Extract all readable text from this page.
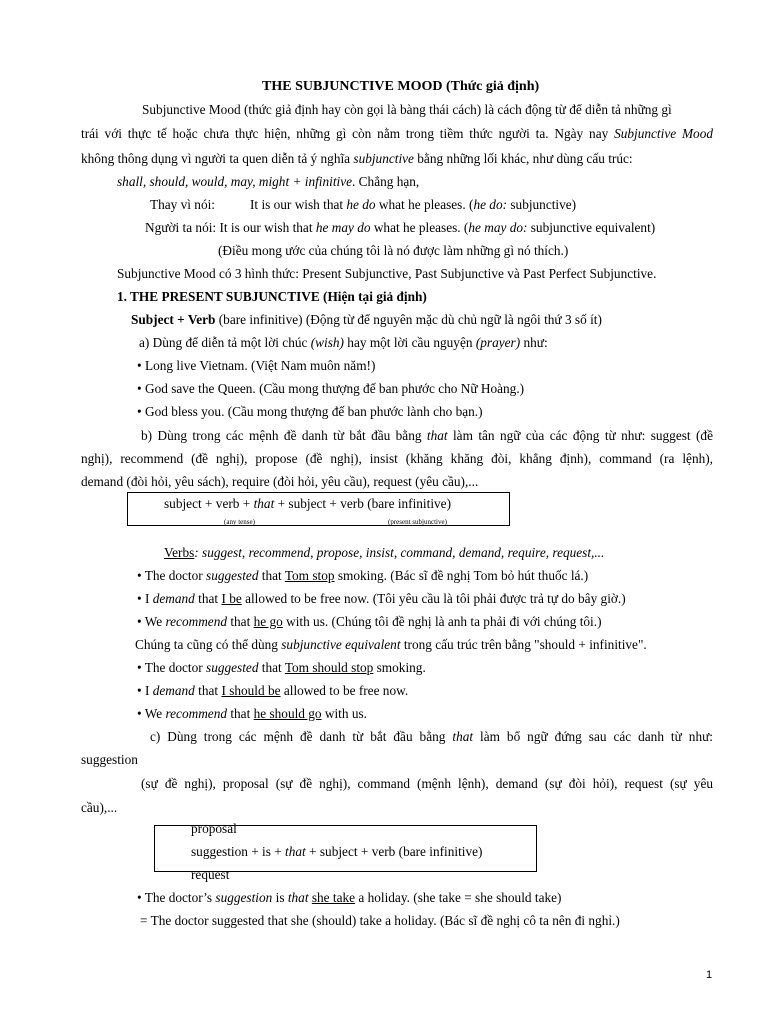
THE SUBJUNCTIVE MOOD (Thức giả định)
Subjunctive Mood (thức giả định hay còn gọi là bàng thái cách) là cách động từ để diễn tả những gì
trái với thực tế hoặc chưa thực hiện, những gì còn nằm trong tiềm thức người ta. Ngày nay Subjunctive Mood
không thông dụng vì người ta quen diễn tả ý nghĩa subjunctive bằng những lối khác, như dùng cấu trúc:
shall, should, would, may, might + infinitive. Chẳng hạn,
Thay vì nói:	It is our wish that he do what he pleases. (he do: subjunctive)
Người ta nói: It is our wish that he may do what he pleases. (he may do: subjunctive equivalent)
(Điều mong ước của chúng tôi là nó được làm những gì nó thích.)
Subjunctive Mood có 3 hình thức: Present Subjunctive, Past Subjunctive và Past Perfect Subjunctive.
1. THE PRESENT SUBJUNCTIVE (Hiện tại giả định)
Subject + Verb (bare infinitive) (Động từ để nguyên mặc dù chủ ngữ là ngôi thứ 3 số ít)
a) Dùng để diễn tả một lời chúc (wish) hay một lời cầu nguyện (prayer) như:
• Long live Vietnam. (Việt Nam muôn năm!)
• God save the Queen. (Cầu mong thượng đế ban phước cho Nữ Hoàng.)
• God bless you. (Cầu mong thượng đế ban phước lành cho bạn.)
b) Dùng trong các mệnh đề danh từ bắt đầu bằng that làm tân ngữ của các động từ như: suggest (đề
nghị), recommend (đề nghị), propose (đề nghị), insist (khăng khăng đòi, khẳng định), command (ra lệnh),
demand (đòi hỏi, yêu sách), require (đòi hỏi, yêu cầu), request (yêu cầu),...
subject + verb + that + subject + verb (bare infinitive)
(any tense)	(present subjunctive)
Verbs: suggest, recommend, propose, insist, command, demand, require, request,...
• The doctor suggested that Tom stop smoking. (Bác sĩ đề nghị Tom bỏ hút thuốc lá.)
• I demand that I be allowed to be free now. (Tôi yêu cầu là tôi phải được trả tự do bây giờ.)
• We recommend that he go with us. (Chúng tôi đề nghị là anh ta phải đi với chúng tôi.)
Chúng ta cũng có thể dùng subjunctive equivalent trong cấu trúc trên bằng "should + infinitive".
• The doctor suggested that Tom should stop smoking.
• I demand that I should be allowed to be free now.
• We recommend that he should go with us.
c) Dùng trong các mệnh đề danh từ bắt đầu bằng that làm bổ ngữ đứng sau các danh từ như:
suggestion
(sự đề nghị), proposal (sự đề nghị), command (mệnh lệnh), demand (sự đòi hỏi), request (sự yêu
cầu),...
proposal
suggestion + is + that + subject + verb (bare infinitive)
request
• The doctor’s suggestion is that she take a holiday. (she take = she should take)
= The doctor suggested that she (should) take a holiday. (Bác sĩ đề nghị cô ta nên đi nghỉ.)
1
